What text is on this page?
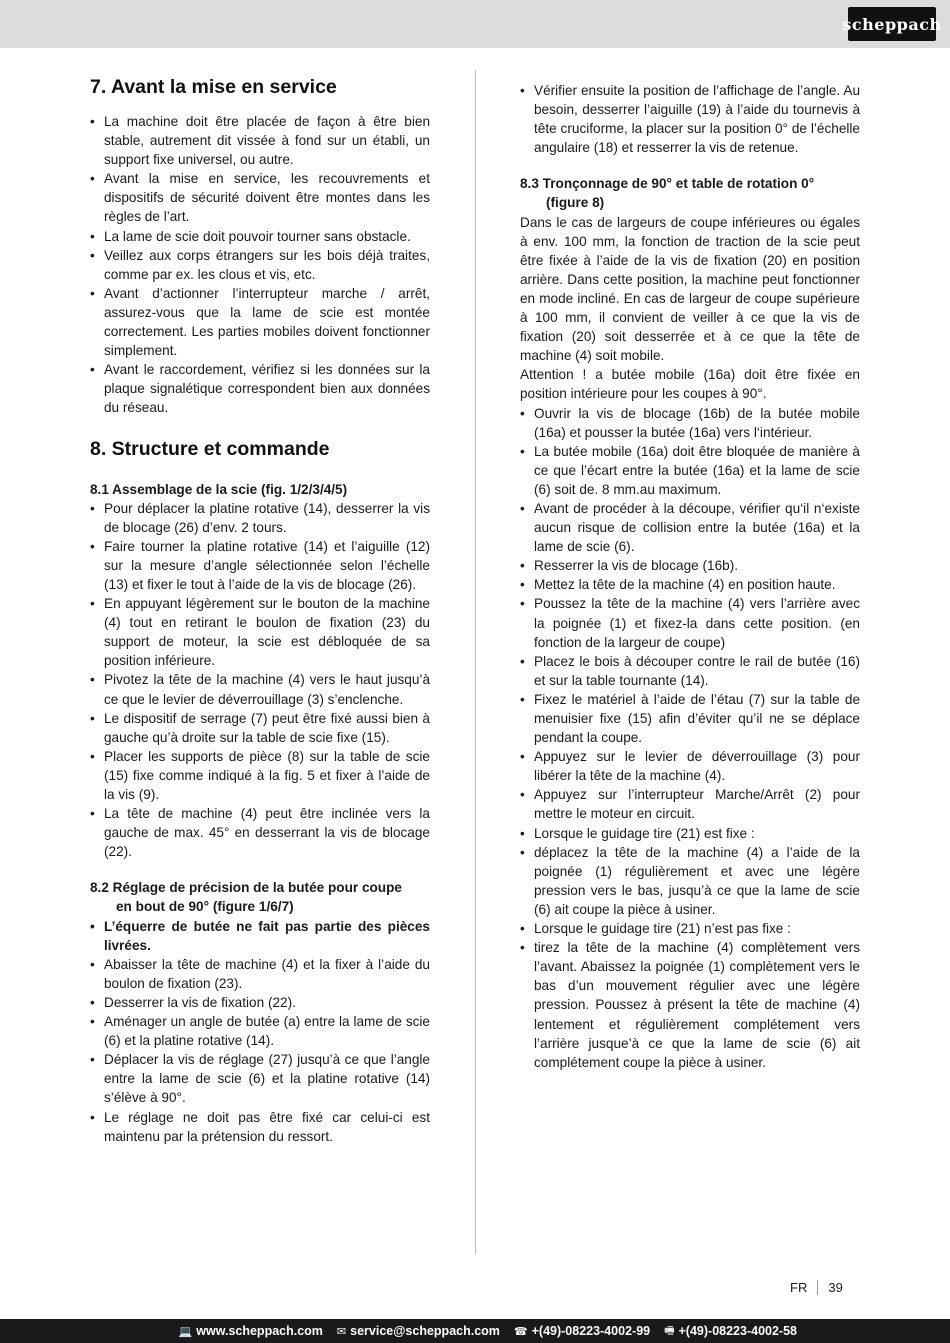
scheppach
7. Avant la mise en service
• La machine doit être placée de façon à être bien stable, autrement dit vissée à fond sur un établi, un support fixe universel, ou autre.
• Avant la mise en service, les recouvrements et dispositifs de sécurité doivent être montes dans les règles de l’art.
• La lame de scie doit pouvoir tourner sans obstacle.
• Veillez aux corps étrangers sur les bois déjà traites, comme par ex. les clous et vis, etc.
• Avant d’actionner l’interrupteur marche / arrêt, assurez-vous que la lame de scie est montée correctement. Les parties mobiles doivent fonctionner simplement.
• Avant le raccordement, vérifiez si les données sur la plaque signalétique correspondent bien aux données du réseau.
8. Structure et commande
8.1 Assemblage de la scie (fig. 1/2/3/4/5)
• Pour déplacer la platine rotative (14), desserrer la vis de blocage (26) d’env. 2 tours.
• Faire tourner la platine rotative (14) et l’aiguille (12) sur la mesure d’angle sélectionnée selon l’échelle (13) et fixer le tout à l’aide de la vis de blocage (26).
• En appuyant légèrement sur le bouton de la machine (4) tout en retirant le boulon de fixation (23) du support de moteur, la scie est débloquée de sa position inférieure.
• Pivotez la tête de la machine (4) vers le haut jusqu’à ce que le levier de déverrouillage (3) s’enclenche.
• Le dispositif de serrage (7) peut être fixé aussi bien à gauche qu’à droite sur la table de scie fixe (15).
• Placer les supports de pièce (8) sur la table de scie (15) fixe comme indiqué à la fig. 5 et fixer à l’aide de la vis (9).
• La tête de machine (4) peut être inclinée vers la gauche de max. 45° en desserrant la vis de blocage (22).
8.2 Réglage de précision de la butée pour coupe
en bout de 90° (figure 1/6/7)
• L’équerre de butée ne fait pas partie des pièces livrées.
• Abaisser la tête de machine (4) et la fixer à l’aide du boulon de fixation (23).
• Desserrer la vis de fixation (22).
• Aménager un angle de butée (a) entre la lame de scie (6) et la platine rotative (14).
• Déplacer la vis de réglage (27) jusqu’à ce que l’angle entre la lame de scie (6) et la platine rotative (14) s’élève à 90°.
• Le réglage ne doit pas être fixé car celui-ci est maintenu par la prétension du ressort.
• Vérifier ensuite la position de l’affichage de l’angle. Au besoin, desserrer l’aiguille (19) à l’aide du tournevis à tête cruciforme, la placer sur la position 0° de l’échelle angulaire (18) et resserrer la vis de retenue.
8.3 Tronçonnage de 90° et table de rotation 0°
(figure 8)

Dans le cas de largeurs de coupe inférieures ou égales à env. 100 mm, la fonction de traction de la scie peut être fixée à l’aide de la vis de fixation (20) en position arrière. Dans cette position, la machine peut fonctionner en mode incliné. En cas de largeur de coupe supérieure à 100 mm, il convient de veiller à ce que la vis de fixation (20) soit desserrée et à ce que la tête de machine (4) soit mobile.

Attention ! a butée mobile (16a) doit être fixée en position intérieure pour les coupes à 90°.

• Ouvrir la vis de blocage (16b) de la butée mobile (16a) et pousser la butée (16a) vers l‘intérieur.
• La butée mobile (16a) doit être bloquée de manière à ce que l’écart entre la butée (16a) et la lame de scie (6) soit de. 8 mm.au maximum.
• Avant de procéder à la découpe, vérifier qu‘il n‘existe aucun risque de collision entre la butée (16a) et la lame de scie (6).
• Resserrer la vis de blocage (16b).
• Mettez la tête de la machine (4) en position haute.
• Poussez la tête de la machine (4) vers l’arrière avec la poignée (1) et fixez-la dans cette position. (en fonction de la largeur de coupe)
• Placez le bois à découper contre le rail de butée (16) et sur la table tournante (14).
• Fixez le matériel à l’aide de l’étau (7) sur la table de menuisier fixe (15) afin d’éviter qu’il ne se déplace pendant la coupe.
• Appuyez sur le levier de déverrouillage (3) pour libérer la tête de la machine (4).
• Appuyez sur l’interrupteur Marche/Arrêt (2) pour mettre le moteur en circuit.
• Lorsque le guidage tire (21) est fixe :
• déplacez la tête de la machine (4) a l’aide de la poignée (1) régulièrement et avec une légère pression vers le bas, jusqu’à ce que la lame de scie (6) ait coupe la pièce à usiner.
• Lorsque le guidage tire (21) n’est pas fixe :
• tirez la tête de la machine (4) complètement vers l’avant. Abaissez la poignée (1) complètement vers le bas d’un mouvement régulier avec une légère pression. Poussez à présent la tête de machine (4) lentement et régulièrement complétement vers l’arrière jusque’à ce que la lame de scie (6) ait complétement coupe la pièce à usiner.
FR	39
💻 www.scheppach.com ✉ service@scheppach.com ☎ +(49)-08223-4002-99 🖷 +(49)-08223-4002-58
